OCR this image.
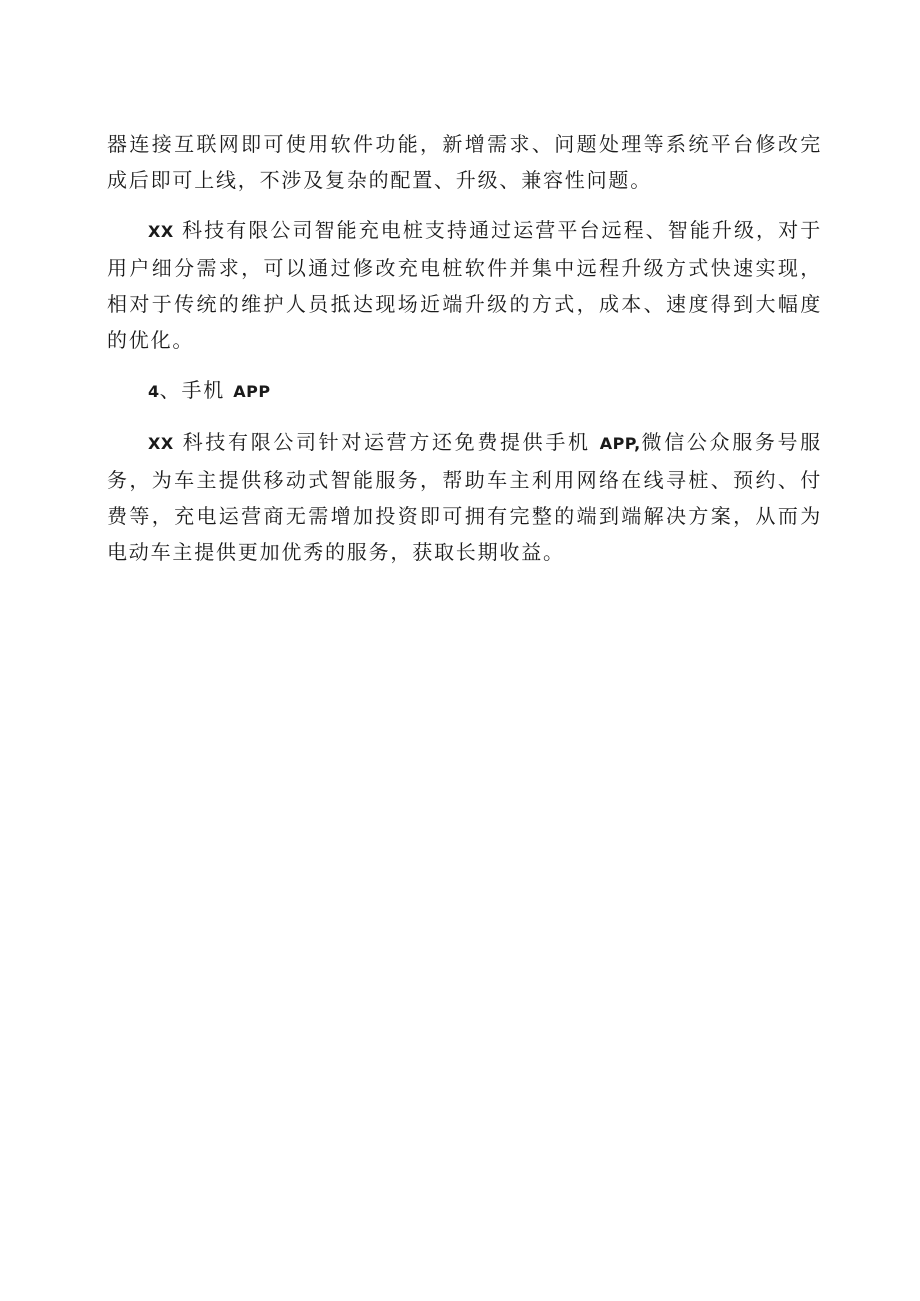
器连接互联网即可使用软件功能，新增需求、问题处理等系统平台修改完成后即可上线，不涉及复杂的配置、升级、兼容性问题。

XX 科技有限公司智能充电桩支持通过运营平台远程、智能升级，对于用户细分需求，可以通过修改充电桩软件并集中远程升级方式快速实现，相对于传统的维护人员抵达现场近端升级的方式，成本、速度得到大幅度的优化。

4、手机 APP

XX 科技有限公司针对运营方还免费提供手机 APP,微信公众服务号服务，为车主提供移动式智能服务，帮助车主利用网络在线寻桩、预约、付费等，充电运营商无需增加投资即可拥有完整的端到端解决方案，从而为电动车主提供更加优秀的服务，获取长期收益。
